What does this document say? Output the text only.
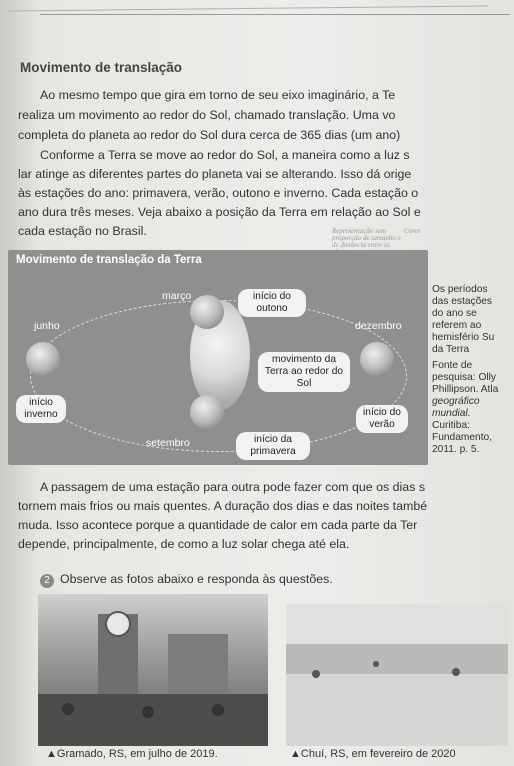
Movimento de translação
Ao mesmo tempo que gira em torno de seu eixo imaginário, a Te
realiza um movimento ao redor do Sol, chamado translação. Uma vo
completa do planeta ao redor do Sol dura cerca de 365 dias (um ano)
Conforme a Terra se move ao redor do Sol, a maneira como a luz s
lar atinge as diferentes partes do planeta vai se alterando. Isso dá orige
às estações do ano: primavera, verão, outono e inverno. Cada estação o
ano dura três meses. Veja abaixo a posição da Terra em relação ao Sol e
cada estação no Brasil.	Representação sem proporção de tamanho e de distância entre os
Cores
Movimento de translação da Terra
março
junho	dezembro
setembro
início do outono
início inverno	início do verão
início da primavera
movimento da Terra ao redor do Sol
Os períodos
das estações
do ano se
referem ao
hemisfério Su
da Terra
Fonte de
pesquisa: Olly
Phillipson. Atla
geográfico
mundial.
Curitiba:
Fundamento,
2011. p. 5.
A passagem de uma estação para outra pode fazer com que os dias s
tornem mais frios ou mais quentes. A duração dos dias e das noites també
muda. Isso acontece porque a quantidade de calor em cada parte da Ter
depende, principalmente, de como a luz solar chega até ela.
2 Observe as fotos abaixo e responda às questões.
▲Gramado, RS, em julho de 2019.	▲Chuí, RS, em fevereiro de 2020
